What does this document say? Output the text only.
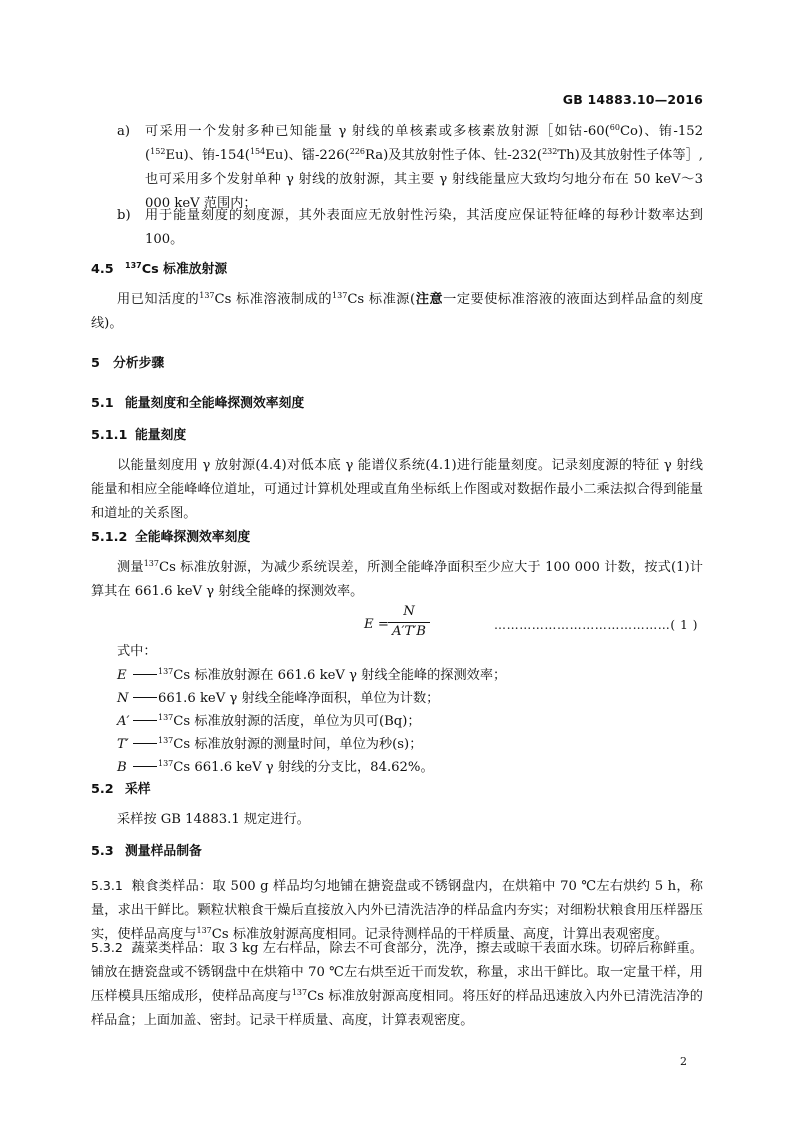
GB 14883.10—2016
a) 可采用一个发射多种已知能量 γ 射线的单核素或多核素放射源［如钴-60($^{60}$Co)、铕-152 ($^{152}$Eu)、铕-154($^{154}$Eu)、镭-226($^{226}$Ra)及其放射性子体、钍-232($^{232}$Th)及其放射性子体等］, 也可采用多个发射单种 γ 射线的放射源，其主要 γ 射线能量应大致均匀地分布在 50 keV～3 000 keV 范围内；
b) 用于能量刻度的刻度源，其外表面应无放射性污染，其活度应保证特征峰的每秒计数率达到 100。
4.5 $^{137}$Cs 标准放射源
用已知活度的$^{137}$Cs 标准溶液制成的$^{137}$Cs 标准源(注意一定要使标准溶液的液面达到样品盒的刻度线)。
5 分析步骤
5.1 能量刻度和全能峰探测效率刻度
5.1.1 能量刻度
以能量刻度用 γ 放射源(4.4)对低本底 γ 能谱仪系统(4.1)进行能量刻度。记录刻度源的特征 γ 射线能量和相应全能峰峰位道址，可通过计算机处理或直角坐标纸上作图或对数据作最小二乘法拟合得到能量和道址的关系图。
5.1.2 全能峰探测效率刻度
测量$^{137}$Cs 标准放射源，为减少系统误差，所测全能峰净面积至少应大于 100 000 计数，按式(1)计算其在 661.6 keV γ 射线全能峰的探测效率。
$E = \frac{N}{A'T'B}$	……………………………………( 1 )
式中：
E	$^{137}$Cs 标准放射源在 661.6 keV γ 射线全能峰的探测效率；
N 661.6 keV γ 射线全能峰净面积，单位为计数；
A′	$^{137}$Cs 标准放射源的活度，单位为贝可(Bq)；
T′	$^{137}$Cs 标准放射源的测量时间，单位为秒(s)；
B	$^{137}$Cs 661.6 keV γ 射线的分支比，84.62%。
5.2 采样
采样按 GB 14883.1 规定进行。
5.3 测量样品制备
5.3.1 粮食类样品：取 500 g 样品均匀地铺在搪瓷盘或不锈钢盘内，在烘箱中 70 ℃左右烘约 5 h，称量，求出干鲜比。颗粒状粮食干燥后直接放入内外已清洗洁净的样品盒内夯实；对细粉状粮食用压样器压实，使样品高度与$^{137}$Cs 标准放射源高度相同。记录待测样品的干样质量、高度，计算出表观密度。
5.3.2 蔬菜类样品：取 3 kg 左右样品，除去不可食部分，洗净，擦去或晾干表面水珠。切碎后称鲜重。铺放在搪瓷盘或不锈钢盘中在烘箱中 70 ℃左右烘至近干而发软，称量，求出干鲜比。取一定量干样，用压样模具压缩成形，使样品高度与$^{137}$Cs 标准放射源高度相同。将压好的样品迅速放入内外已清洗洁净的样品盒；上面加盖、密封。记录干样质量、高度，计算表观密度。
2
